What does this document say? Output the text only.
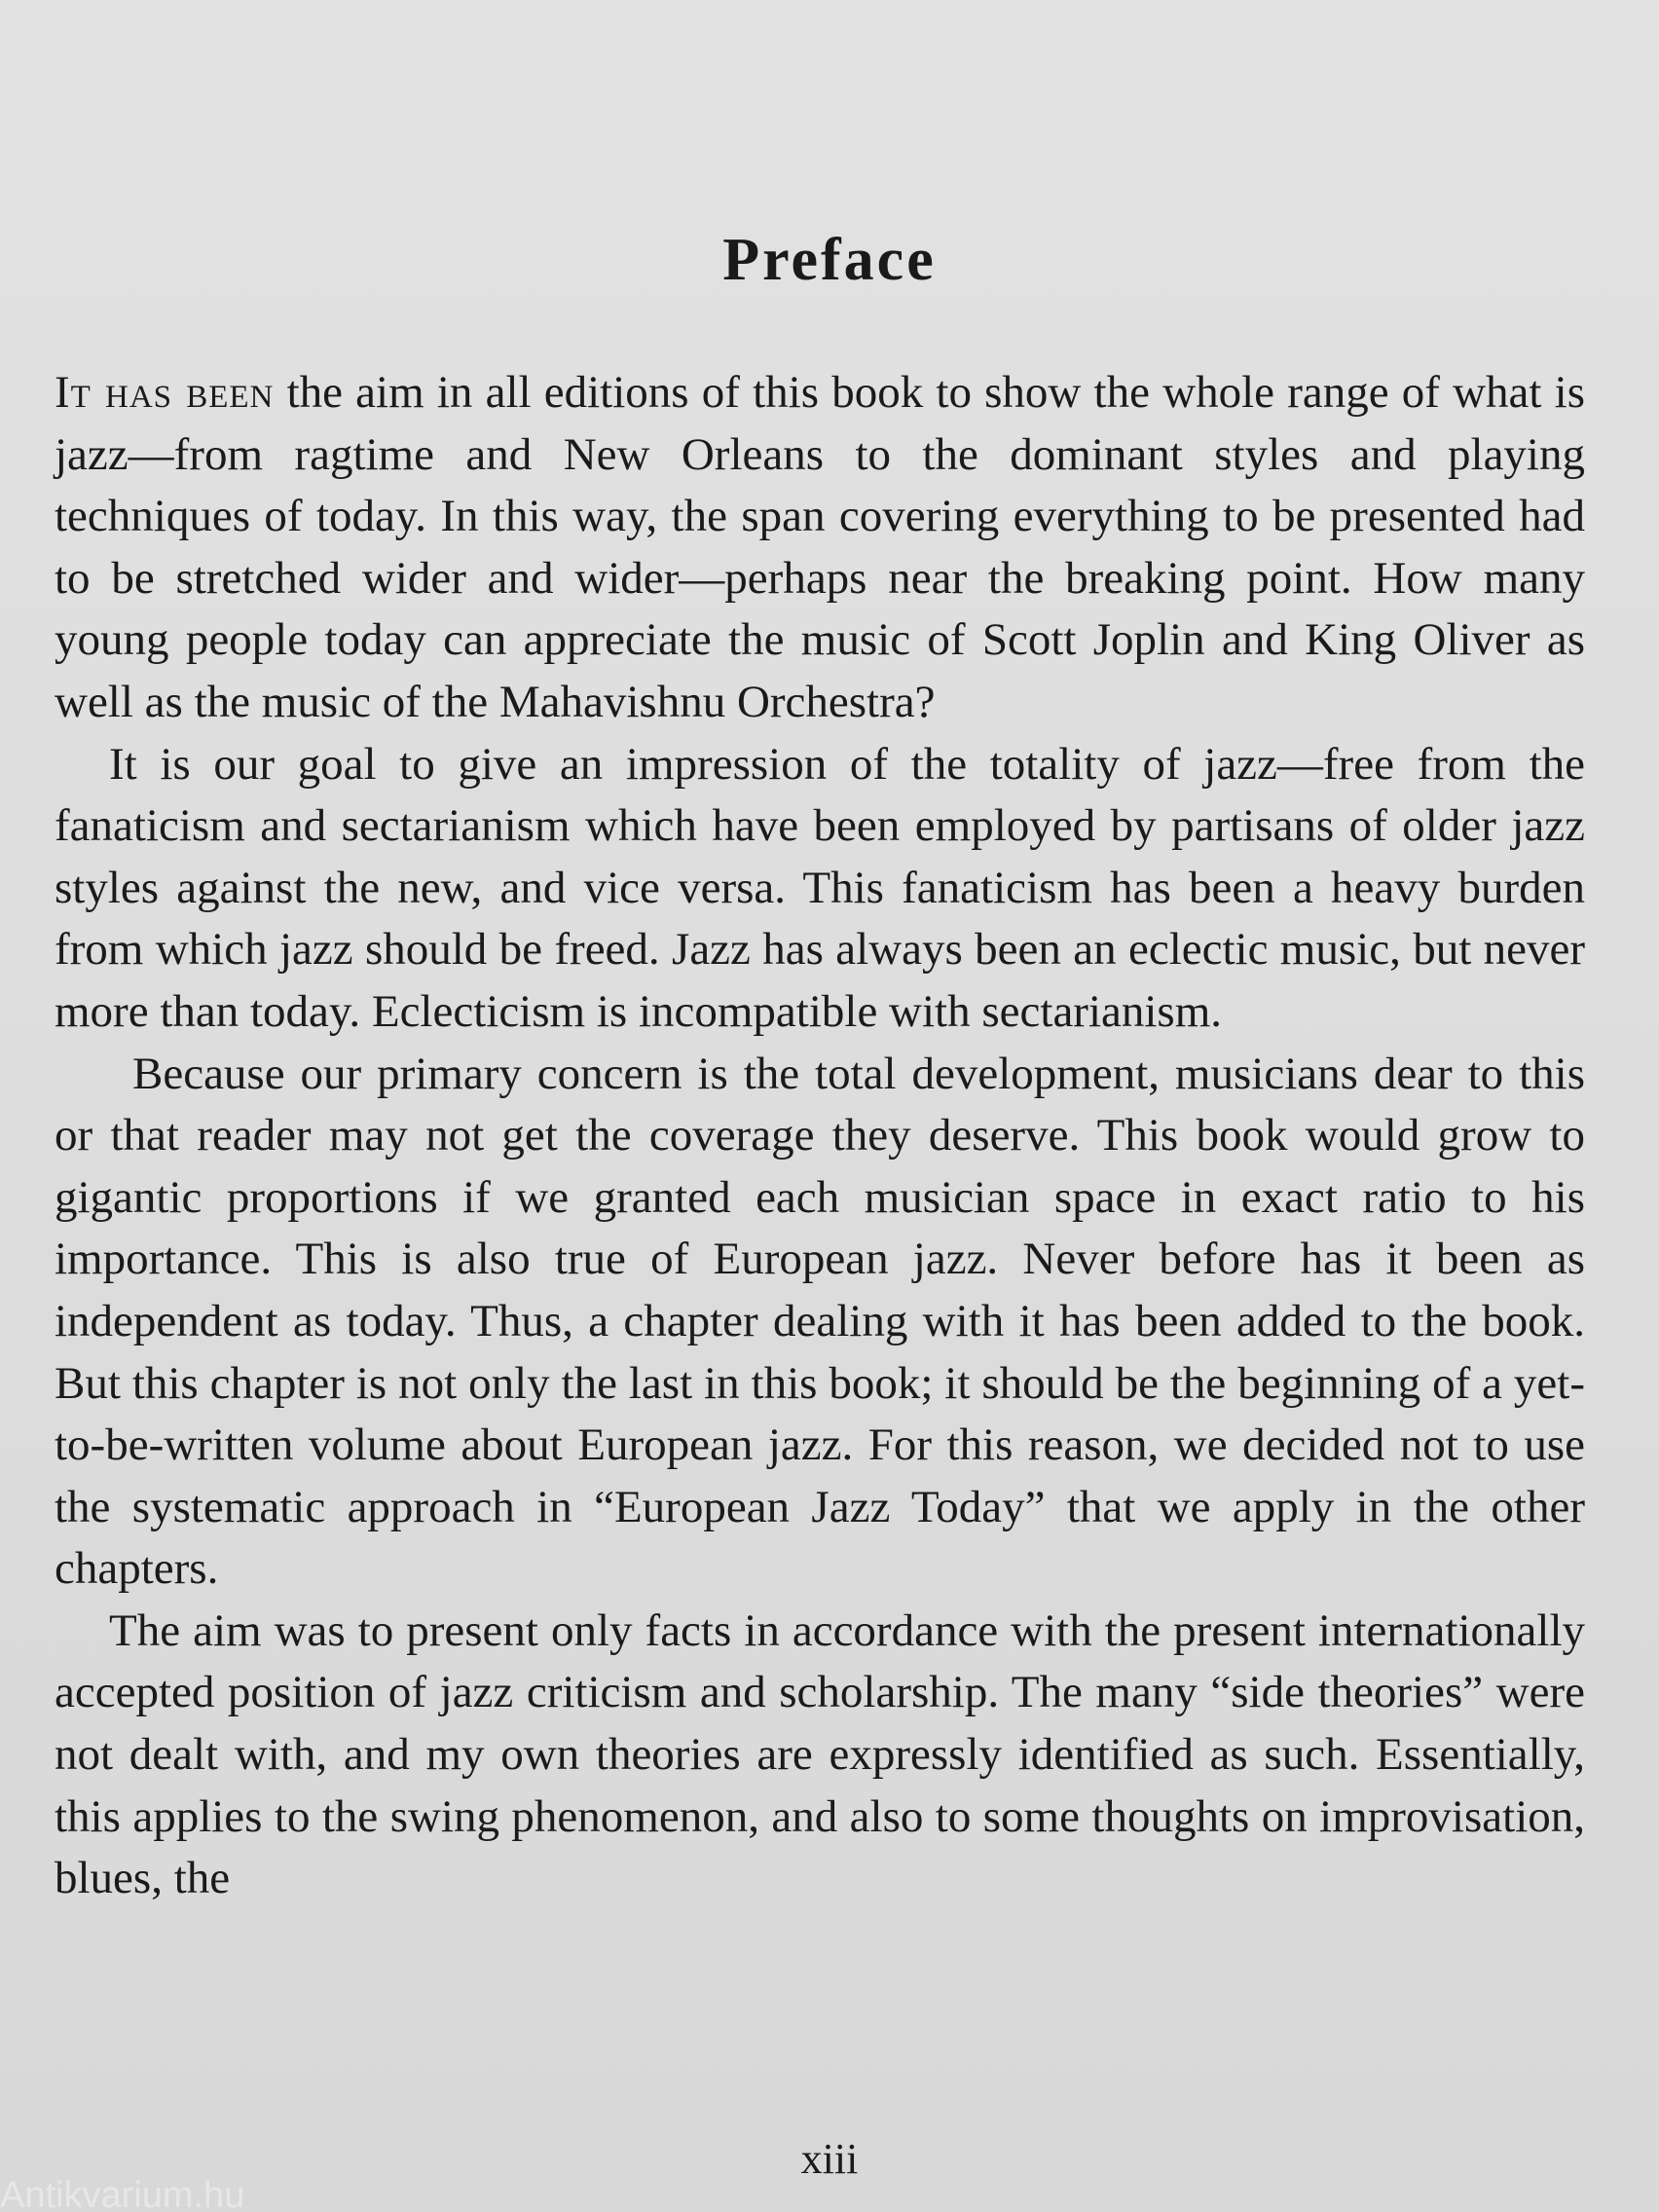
Preface

It has been the aim in all editions of this book to show the whole range of what is jazz—from ragtime and New Orleans to the dominant styles and playing techniques of today. In this way, the span covering everything to be presented had to be stretched wider and wider—perhaps near the breaking point. How many young people today can appreciate the music of Scott Joplin and King Oliver as well as the music of the Mahavishnu Orchestra?

It is our goal to give an impression of the totality of jazz—free from the fanaticism and sectarianism which have been employed by partisans of older jazz styles against the new, and vice versa. This fanaticism has been a heavy burden from which jazz should be freed. Jazz has always been an eclectic music, but never more than today. Eclecticism is incompatible with sectarianism.

Because our primary concern is the total development, musicians dear to this or that reader may not get the coverage they deserve. This book would grow to gigantic proportions if we granted each musician space in exact ratio to his importance. This is also true of European jazz. Never before has it been as independent as today. Thus, a chapter dealing with it has been added to the book. But this chapter is not only the last in this book; it should be the beginning of a yet-to-be-written volume about European jazz. For this reason, we decided not to use the systematic approach in “European Jazz Today” that we apply in the other chapters.

The aim was to present only facts in accordance with the present internationally accepted position of jazz criticism and scholarship. The many “side theories” were not dealt with, and my own theories are expressly identified as such. Essentially, this applies to the swing phenomenon, and also to some thoughts on improvisation, blues, the

xiii
Antikvarium.hu
